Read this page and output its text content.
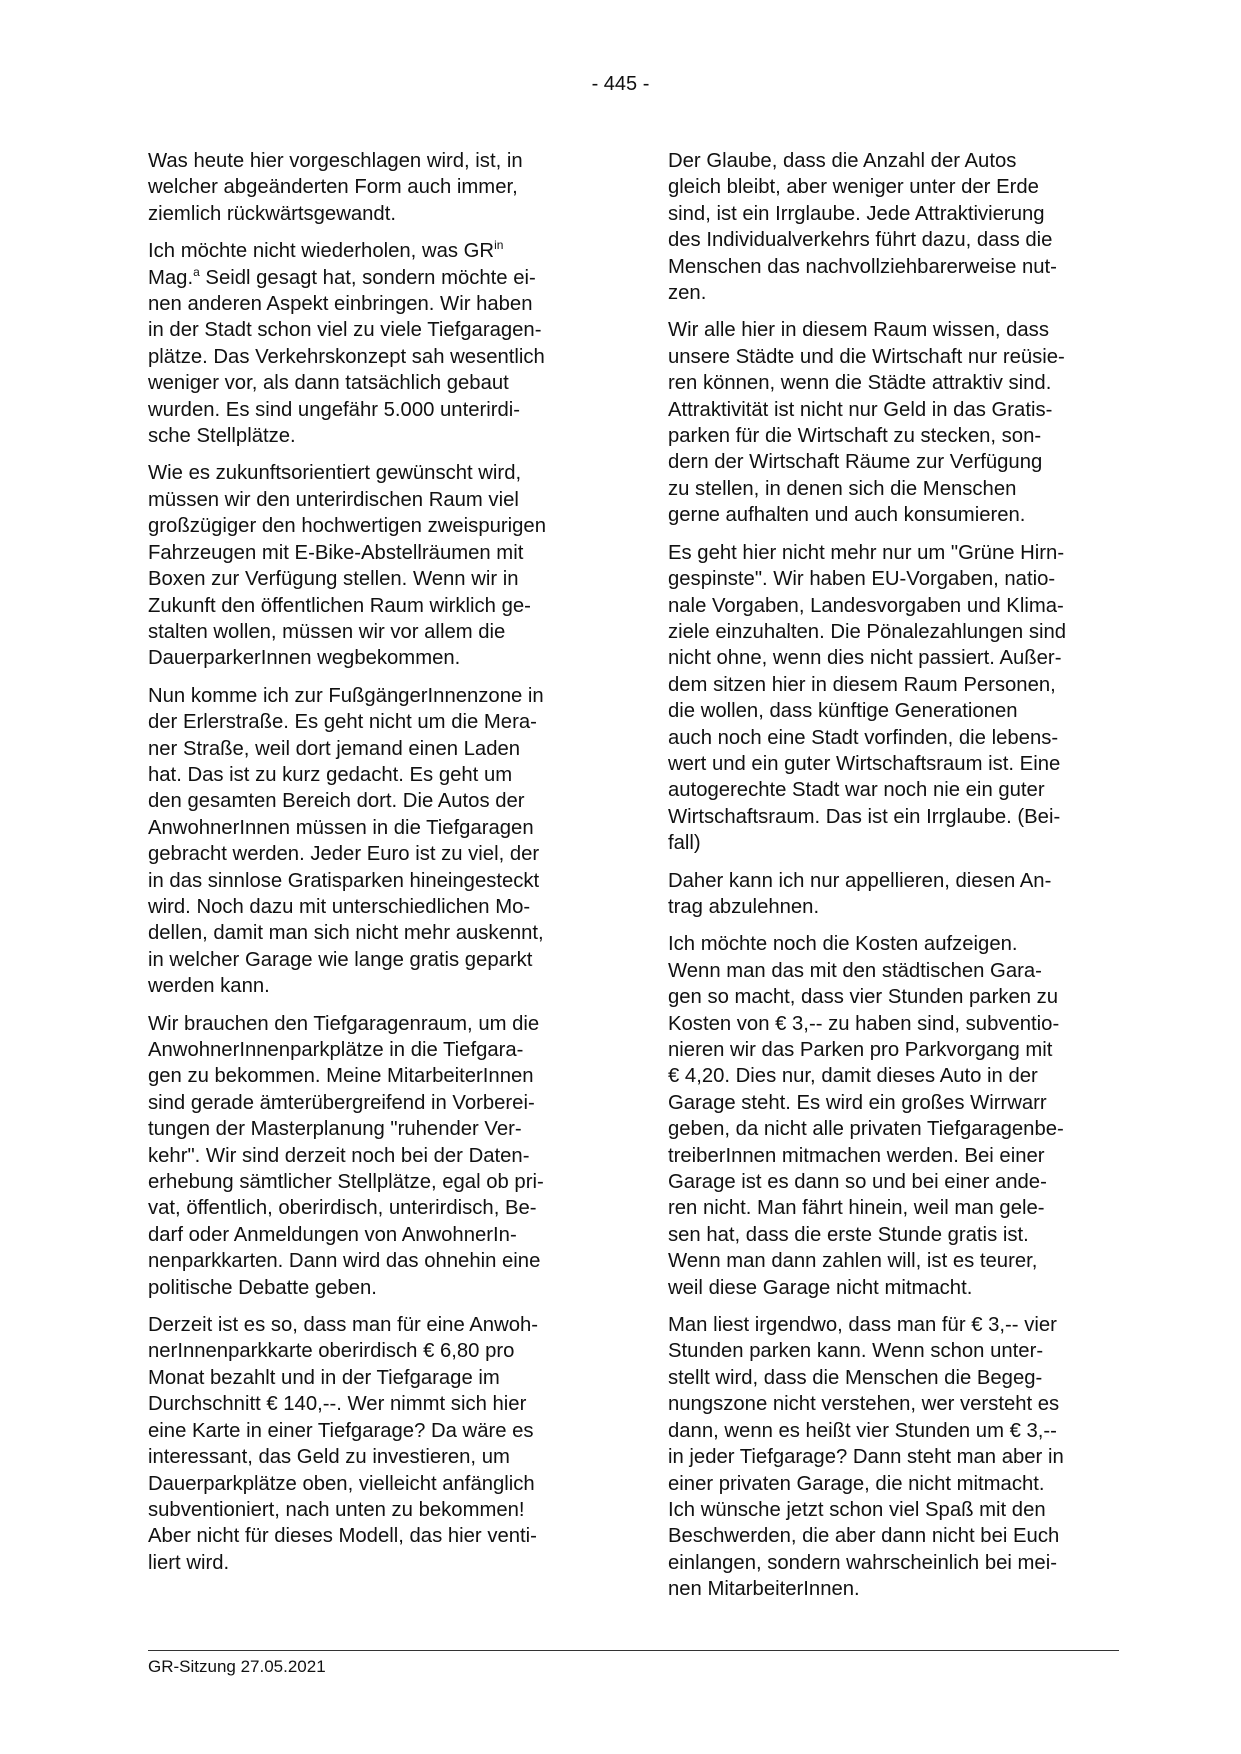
- 445 -

Was heute hier vorgeschlagen wird, ist, in
welcher abgeänderten Form auch immer,
ziemlich rückwärtsgewandt.

Ich möchte nicht wiederholen, was $GR^{in}$
Mag.$^a$ Seidl gesagt hat, sondern möchte ei-
nen anderen Aspekt einbringen. Wir haben
in der Stadt schon viel zu viele Tiefgaragen-
plätze. Das Verkehrskonzept sah wesentlich
weniger vor, als dann tatsächlich gebaut
wurden. Es sind ungefähr 5.000 unterirdi-
sche Stellplätze.

Wie es zukunftsorientiert gewünscht wird,
müssen wir den unterirdischen Raum viel
großzügiger den hochwertigen zweispurigen
Fahrzeugen mit E-Bike-Abstellräumen mit
Boxen zur Verfügung stellen. Wenn wir in
Zukunft den öffentlichen Raum wirklich ge-
stalten wollen, müssen wir vor allem die
DauerparkerInnen wegbekommen.

Nun komme ich zur FußgängerInnenzone in
der Erlerstraße. Es geht nicht um die Mera-
ner Straße, weil dort jemand einen Laden
hat. Das ist zu kurz gedacht. Es geht um
den gesamten Bereich dort. Die Autos der
AnwohnerInnen müssen in die Tiefgaragen
gebracht werden. Jeder Euro ist zu viel, der
in das sinnlose Gratisparken hineingesteckt
wird. Noch dazu mit unterschiedlichen Mo-
dellen, damit man sich nicht mehr auskennt,
in welcher Garage wie lange gratis geparkt
werden kann.

Wir brauchen den Tiefgaragenraum, um die
AnwohnerInnenparkplätze in die Tiefgara-
gen zu bekommen. Meine MitarbeiterInnen
sind gerade ämterübergreifend in Vorberei-
tungen der Masterplanung "ruhender Ver-
kehr". Wir sind derzeit noch bei der Daten-
erhebung sämtlicher Stellplätze, egal ob pri-
vat, öffentlich, oberirdisch, unterirdisch, Be-
darf oder Anmeldungen von AnwohnerIn-
nenparkkarten. Dann wird das ohnehin eine
politische Debatte geben.

Derzeit ist es so, dass man für eine Anwoh-
nerInnenparkkarte oberirdisch € 6,80 pro
Monat bezahlt und in der Tiefgarage im
Durchschnitt € 140,--. Wer nimmt sich hier
eine Karte in einer Tiefgarage? Da wäre es
interessant, das Geld zu investieren, um
Dauerparkplätze oben, vielleicht anfänglich
subventioniert, nach unten zu bekommen!
Aber nicht für dieses Modell, das hier venti-
liert wird.

Der Glaube, dass die Anzahl der Autos
gleich bleibt, aber weniger unter der Erde
sind, ist ein Irrglaube. Jede Attraktivierung
des Individualverkehrs führt dazu, dass die
Menschen das nachvollziehbarerweise nut-
zen.

Wir alle hier in diesem Raum wissen, dass
unsere Städte und die Wirtschaft nur reüsie-
ren können, wenn die Städte attraktiv sind.
Attraktivität ist nicht nur Geld in das Gratis-
parken für die Wirtschaft zu stecken, son-
dern der Wirtschaft Räume zur Verfügung
zu stellen, in denen sich die Menschen
gerne aufhalten und auch konsumieren.

Es geht hier nicht mehr nur um "Grüne Hirn-
gespinste". Wir haben EU-Vorgaben, natio-
nale Vorgaben, Landesvorgaben und Klima-
ziele einzuhalten. Die Pönalezahlungen sind
nicht ohne, wenn dies nicht passiert. Außer-
dem sitzen hier in diesem Raum Personen,
die wollen, dass künftige Generationen
auch noch eine Stadt vorfinden, die lebens-
wert und ein guter Wirtschaftsraum ist. Eine
autogerechte Stadt war noch nie ein guter
Wirtschaftsraum. Das ist ein Irrglaube. (Bei-
fall)

Daher kann ich nur appellieren, diesen An-
trag abzulehnen.

Ich möchte noch die Kosten aufzeigen.
Wenn man das mit den städtischen Gara-
gen so macht, dass vier Stunden parken zu
Kosten von € 3,-- zu haben sind, subventio-
nieren wir das Parken pro Parkvorgang mit
€ 4,20. Dies nur, damit dieses Auto in der
Garage steht. Es wird ein großes Wirrwarr
geben, da nicht alle privaten Tiefgaragenbe-
treiberInnen mitmachen werden. Bei einer
Garage ist es dann so und bei einer ande-
ren nicht. Man fährt hinein, weil man gele-
sen hat, dass die erste Stunde gratis ist.
Wenn man dann zahlen will, ist es teurer,
weil diese Garage nicht mitmacht.

Man liest irgendwo, dass man für € 3,-- vier
Stunden parken kann. Wenn schon unter-
stellt wird, dass die Menschen die Begeg-
nungszone nicht verstehen, wer versteht es
dann, wenn es heißt vier Stunden um € 3,--
in jeder Tiefgarage? Dann steht man aber in
einer privaten Garage, die nicht mitmacht.
Ich wünsche jetzt schon viel Spaß mit den
Beschwerden, die aber dann nicht bei Euch
einlangen, sondern wahrscheinlich bei mei-
nen MitarbeiterInnen.

GR-Sitzung 27.05.2021
